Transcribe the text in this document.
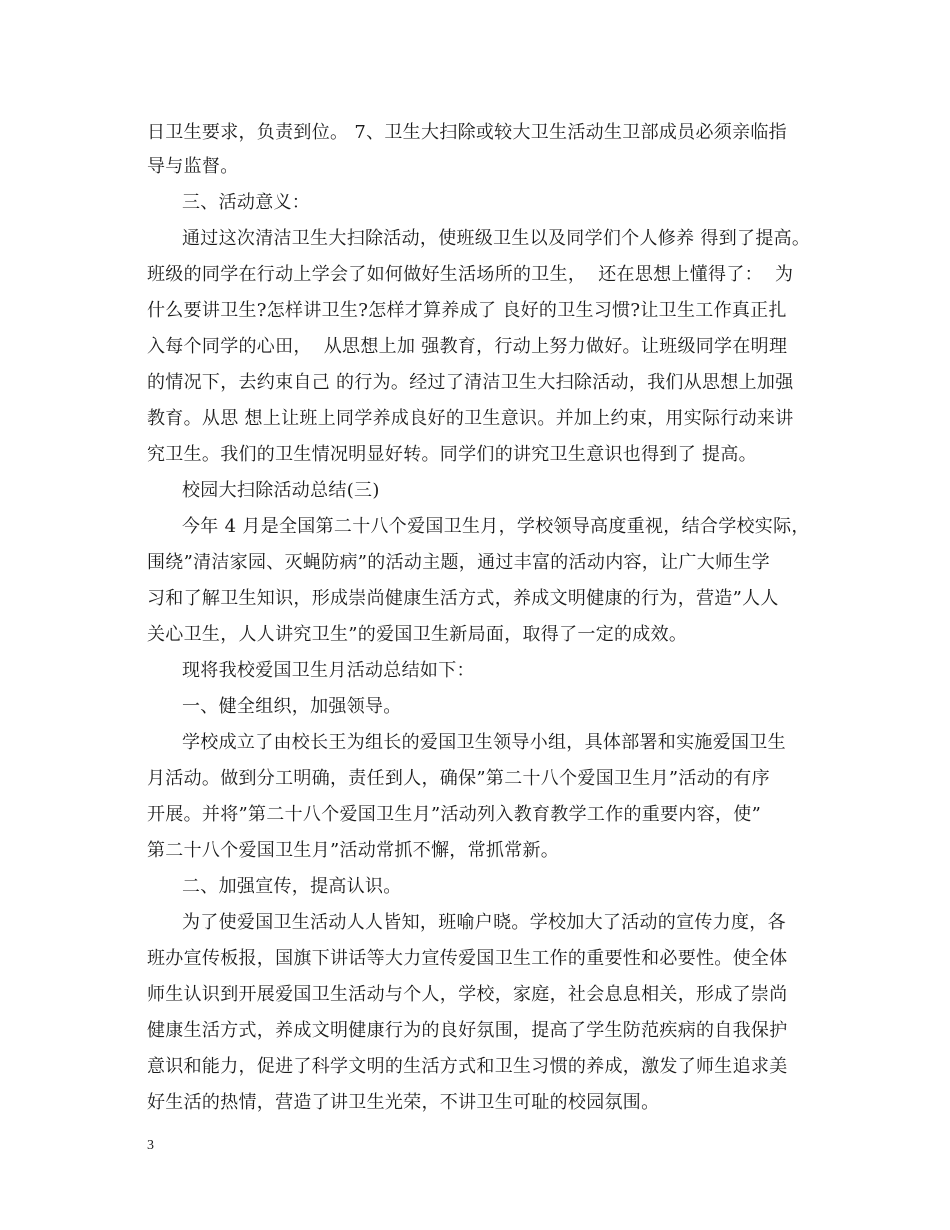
日卫生要求，负责到位。 7、卫生大扫除或较大卫生活动生卫部成员必须亲临指
导与监督。
三、活动意义：
通过这次清洁卫生大扫除活动，使班级卫生以及同学们个人修养 得到了提高。
班级的同学在行动上学会了如何做好生活场所的卫生，  还在思想上懂得了：  为
什么要讲卫生?怎样讲卫生?怎样才算养成了 良好的卫生习惯?让卫生工作真正扎
入每个同学的心田，  从思想上加 强教育，行动上努力做好。让班级同学在明理
的情况下，去约束自己 的行为。经过了清洁卫生大扫除活动，我们从思想上加强
教育。从思 想上让班上同学养成良好的卫生意识。并加上约束，用实际行动来讲
究卫生。我们的卫生情况明显好转。同学们的讲究卫生意识也得到了 提高。
校园大扫除活动总结(三)
今年 4 月是全国第二十八个爱国卫生月，学校领导高度重视，结合学校实际，
围绕”清洁家园、灭蝇防病”的活动主题，通过丰富的活动内容，让广大师生学
习和了解卫生知识，形成崇尚健康生活方式，养成文明健康的行为，营造”人人
关心卫生，人人讲究卫生”的爱国卫生新局面，取得了一定的成效。
现将我校爱国卫生月活动总结如下：
一、健全组织，加强领导。
学校成立了由校长王为组长的爱国卫生领导小组，具体部署和实施爱国卫生
月活动。做到分工明确，责任到人，确保”第二十八个爱国卫生月”活动的有序
开展。并将”第二十八个爱国卫生月”活动列入教育教学工作的重要内容，使”
第二十八个爱国卫生月”活动常抓不懈，常抓常新。
二、加强宣传，提高认识。
为了使爱国卫生活动人人皆知，班喻户晓。学校加大了活动的宣传力度，各
班办宣传板报，国旗下讲话等大力宣传爱国卫生工作的重要性和必要性。使全体
师生认识到开展爱国卫生活动与个人，学校，家庭，社会息息相关，形成了崇尚
健康生活方式，养成文明健康行为的良好氛围，提高了学生防范疾病的自我保护
意识和能力，促进了科学文明的生活方式和卫生习惯的养成，激发了师生追求美
好生活的热情，营造了讲卫生光荣，不讲卫生可耻的校园氛围。
3
